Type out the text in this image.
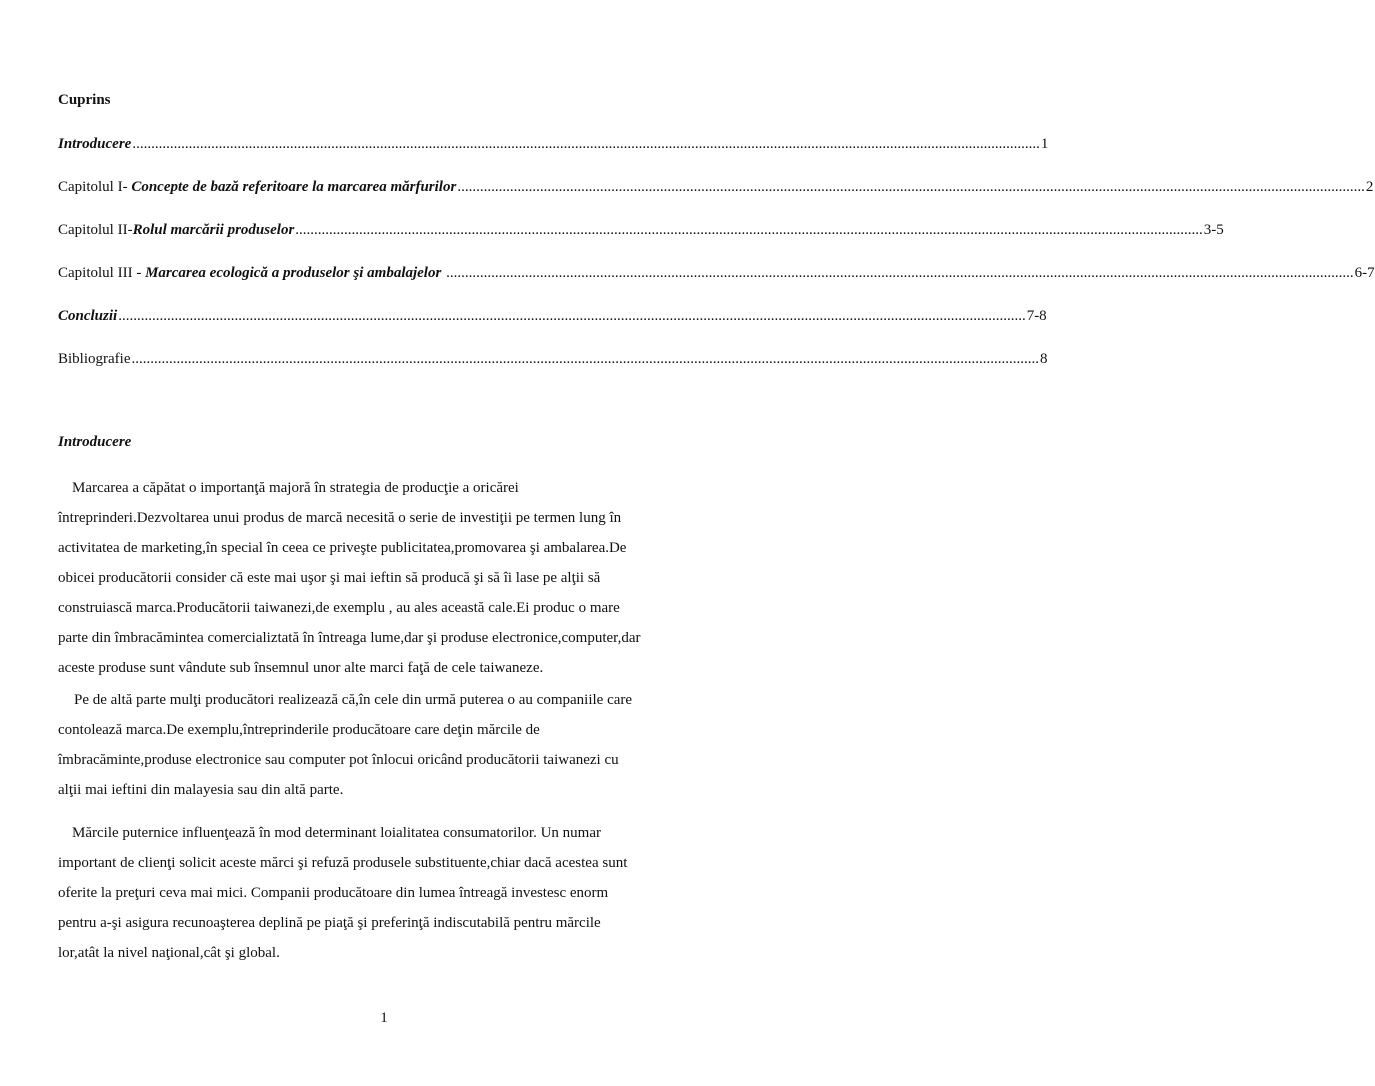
Cuprins
Introducere .................................................................................................................................................................................................................................................. 1
Capitolul I- Concepte de bază referitoare la marcarea mărfurilor .................................................................................................................................................................................................................................................. 2
Capitolul II-Rolul marcării produselor .................................................................................................................................................................................................................................................. 3-5
Capitolul III - Marcarea ecologică a produselor şi ambalajelor .................................................................................................................................................................................................................................................. 6-7
Concluzii .................................................................................................................................................................................................................................................. 7-8
Bibliografie .................................................................................................................................................................................................................................................. 8
Introducere
Marcarea a căpătat o importanţă majoră în strategia de producţie a oricărei
întreprinderi.Dezvoltarea unui produs de marcă necesită o serie de investiţii pe termen lung în
activitatea de marketing,în special în ceea ce priveşte publicitatea,promovarea şi ambalarea.De
obicei producătorii consider că este mai uşor şi mai ieftin să producă şi să îi lase pe alţii să
construiască marca.Producătorii taiwanezi,de exemplu , au ales această cale.Ei produc o mare
parte din îmbracămintea comercializtată în întreaga lume,dar şi produse electronice,computer,dar
aceste produse sunt vândute sub însemnul unor alte marci faţă de cele taiwaneze.
Pe de altă parte mulţi producători realizează că,în cele din urmă puterea o au companiile care
contolează marca.De exemplu,întreprinderile producătoare care deţin mărcile de
îmbracăminte,produse electronice sau computer pot înlocui oricând producătorii taiwanezi cu
alţii mai ieftini din malayesia sau din altă parte.
Mărcile puternice influenţează în mod determinant loialitatea consumatorilor. Un numar
important de clienţi solicit aceste mărci şi refuză produsele substituente,chiar dacă acestea sunt
oferite la preţuri ceva mai mici. Companii producătoare din lumea întreagă investesc enorm
pentru a-şi asigura recunoaşterea deplină pe piaţă şi preferinţă indiscutabilă pentru mărcile
lor,atât la nivel naţional,cât şi global.
1
